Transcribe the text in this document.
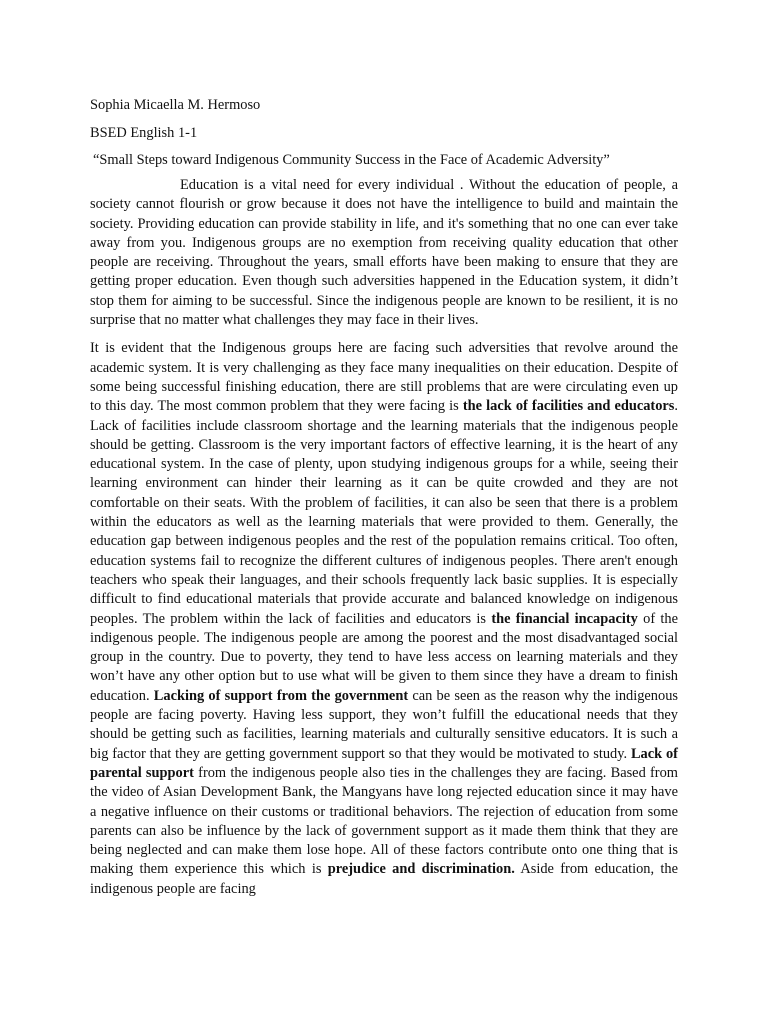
Sophia Micaella M. Hermoso

BSED English 1-1

“Small Steps toward Indigenous Community Success in the Face of Academic Adversity”

Education is a vital need for every individual . Without the education of people, a society cannot flourish or grow because it does not have the intelligence to build and maintain the society. Providing education can provide stability in life, and it's something that no one can ever take away from you. Indigenous groups are no exemption from receiving quality education that other people are receiving. Throughout the years, small efforts have been making to ensure that they are getting proper education. Even though such adversities happened in the Education system, it didn’t stop them for aiming to be successful. Since the indigenous people are known to be resilient, it is no surprise that no matter what challenges they may face in their lives.

It is evident that the Indigenous groups here are facing such adversities that revolve around the academic system. It is very challenging as they face many inequalities on their education. Despite of some being successful finishing education, there are still problems that are were circulating even up to this day. The most common problem that they were facing is the lack of facilities and educators. Lack of facilities include classroom shortage and the learning materials that the indigenous people should be getting. Classroom is the very important factors of effective learning, it is the heart of any educational system. In the case of plenty, upon studying indigenous groups for a while, seeing their learning environment can hinder their learning as it can be quite crowded and they are not comfortable on their seats. With the problem of facilities, it can also be seen that there is a problem within the educators as well as the learning materials that were provided to them. Generally, the education gap between indigenous peoples and the rest of the population remains critical. Too often, education systems fail to recognize the different cultures of indigenous peoples. There aren't enough teachers who speak their languages, and their schools frequently lack basic supplies. It is especially difficult to find educational materials that provide accurate and balanced knowledge on indigenous peoples. The problem within the lack of facilities and educators is the financial incapacity of the indigenous people. The indigenous people are among the poorest and the most disadvantaged social group in the country. Due to poverty, they tend to have less access on learning materials and they won’t have any other option but to use what will be given to them since they have a dream to finish education. Lacking of support from the government can be seen as the reason why the indigenous people are facing poverty. Having less support, they won’t fulfill the educational needs that they should be getting such as facilities, learning materials and culturally sensitive educators. It is such a big factor that they are getting government support so that they would be motivated to study. Lack of parental support from the indigenous people also ties in the challenges they are facing. Based from the video of Asian Development Bank, the Mangyans have long rejected education since it may have a negative influence on their customs or traditional behaviors. The rejection of education from some parents can also be influence by the lack of government support as it made them think that they are being neglected and can make them lose hope. All of these factors contribute onto one thing that is making them experience this which is prejudice and discrimination. Aside from education, the indigenous people are facing
